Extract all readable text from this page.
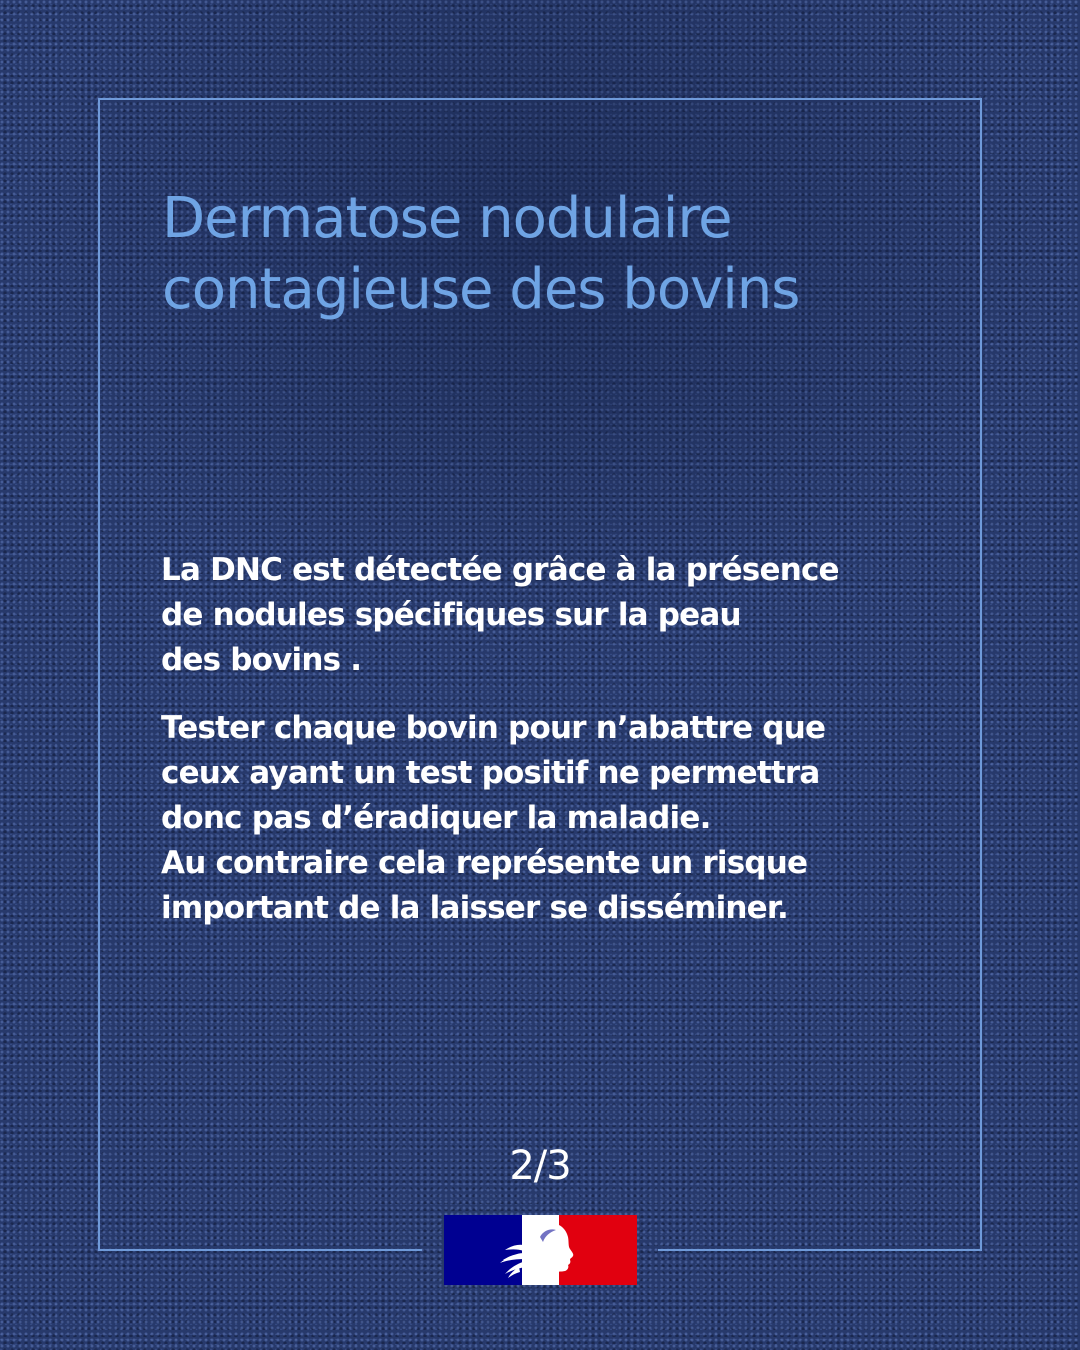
Dermatose nodulaire
contagieuse des bovins

La DNC est détectée grâce à la présence
de nodules spécifiques sur la peau
des bovins .

Tester chaque bovin pour n’abattre que
ceux ayant un test positif ne permettra
donc pas d’éradiquer la maladie.
Au contraire cela représente un risque
important de la laisser se disséminer.

2/3
